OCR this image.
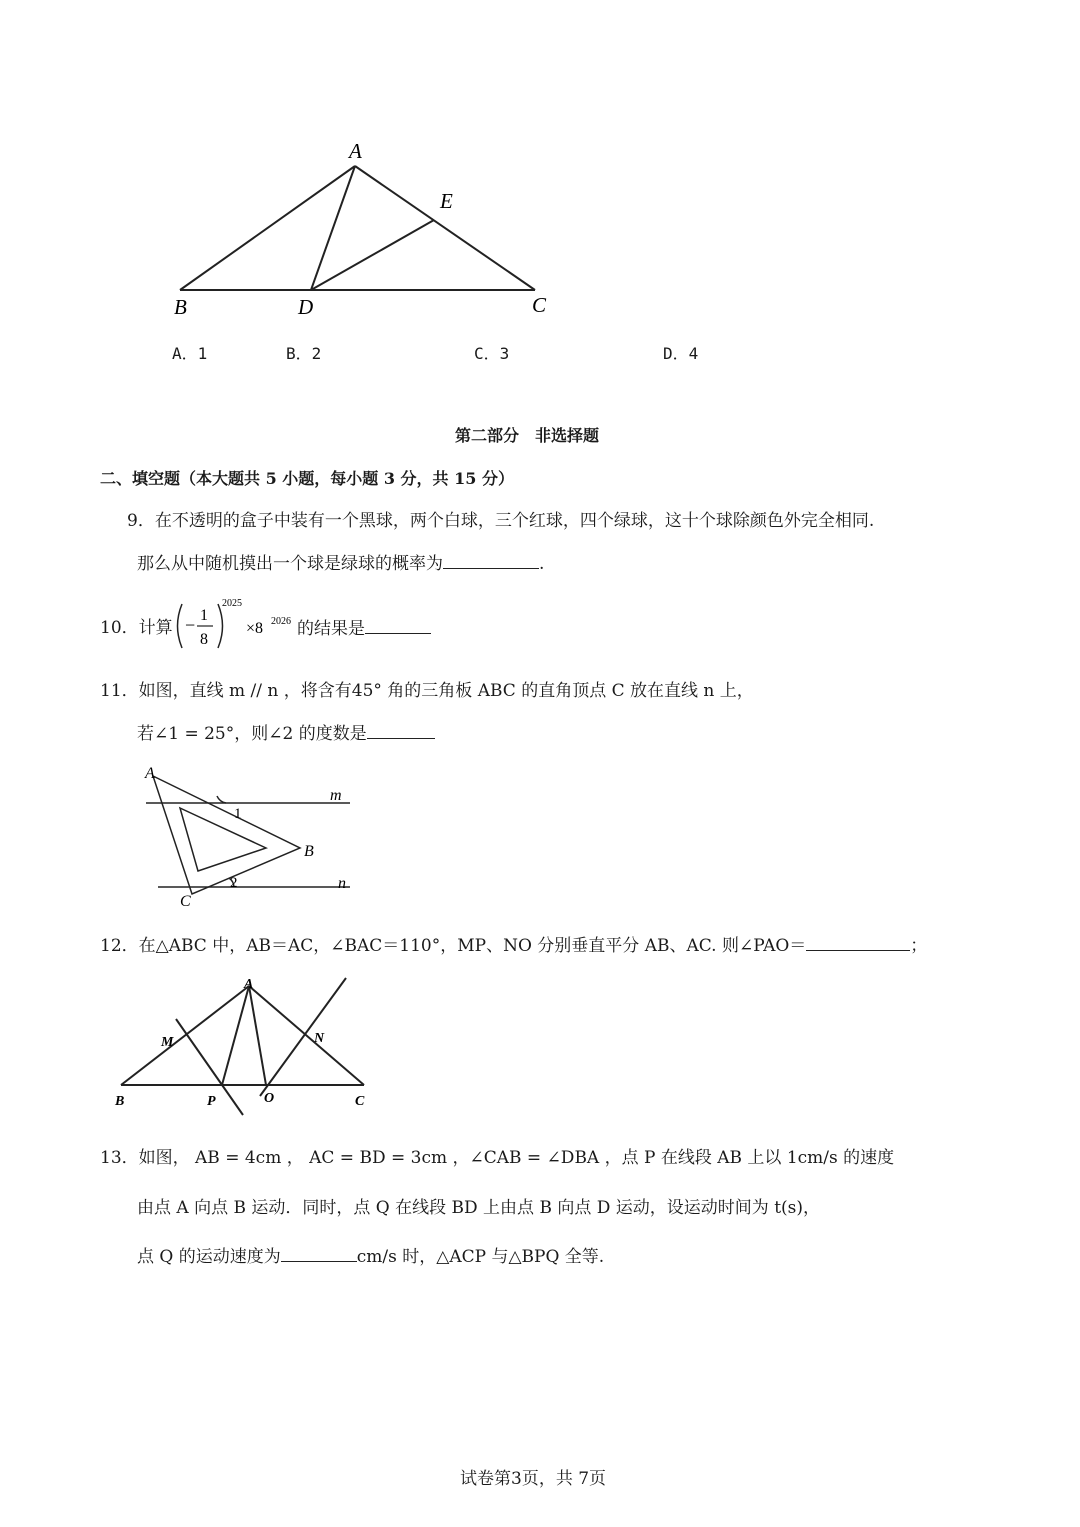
A
E
B	D	C
A．1	B．2	C．3	D．4
第二部分　非选择题
二、填空题（本大题共 5 小题，每小题 3 分，共 15 分）
9．在不透明的盒子中装有一个黑球，两个白球，三个红球，四个绿球，这十个球除颜色外完全相同.
那么从中随机摸出一个球是绿球的概率为	.
10．计算 − 1
8
2025
×8 2026 的结果是
11．如图，直线 m // n ，将含有45° 角的三角板 ABC 的直角顶点 C 放在直线 n 上，
若∠1 = 25°，则∠2 的度数是
A
m
1
B
2	n
C
12．在△ABC 中，AB＝AC，∠BAC＝110°，MP、NO 分别垂直平分 AB、AC. 则∠PAO＝	；
A
M	N
B	P	O	C
13．如图， AB = 4cm ， AC = BD = 3cm ，∠CAB = ∠DBA ，点 P 在线段 AB 上以 1cm/s 的速度
由点 A 向点 B 运动．同时，点 Q 在线段 BD 上由点 B 向点 D 运动，设运动时间为 t(s)，
点 Q 的运动速度为	cm/s 时，△ACP 与△BPQ 全等.
试卷第3页，共 7页
